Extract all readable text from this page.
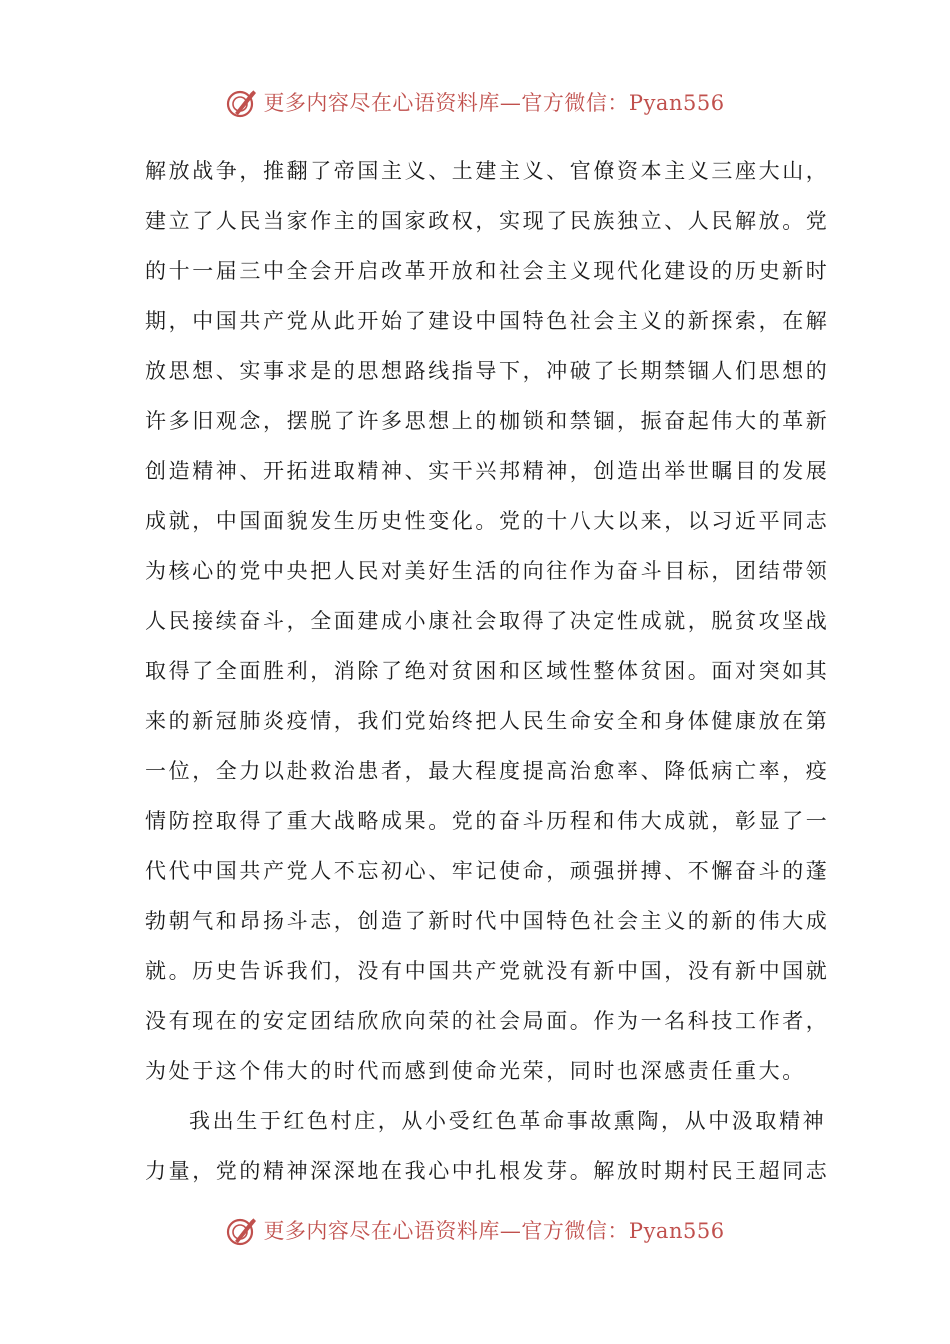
更多内容尽在心语资料库—官方微信：Pyan556
解放战争，推翻了帝国主义、土建主义、官僚资本主义三座大山，
建立了人民当家作主的国家政权，实现了民族独立、人民解放。党
的十一届三中全会开启改革开放和社会主义现代化建设的历史新时
期，中国共产党从此开始了建设中国特色社会主义的新探索，在解
放思想、实事求是的思想路线指导下，冲破了长期禁锢人们思想的
许多旧观念，摆脱了许多思想上的枷锁和禁锢，振奋起伟大的革新
创造精神、开拓进取精神、实干兴邦精神，创造出举世瞩目的发展
成就，中国面貌发生历史性变化。党的十八大以来，以习近平同志
为核心的党中央把人民对美好生活的向往作为奋斗目标，团结带领
人民接续奋斗，全面建成小康社会取得了决定性成就，脱贫攻坚战
取得了全面胜利，消除了绝对贫困和区域性整体贫困。面对突如其
来的新冠肺炎疫情，我们党始终把人民生命安全和身体健康放在第
一位，全力以赴救治患者，最大程度提高治愈率、降低病亡率，疫
情防控取得了重大战略成果。党的奋斗历程和伟大成就，彰显了一
代代中国共产党人不忘初心、牢记使命，顽强拼搏、不懈奋斗的蓬
勃朝气和昂扬斗志，创造了新时代中国特色社会主义的新的伟大成
就。历史告诉我们，没有中国共产党就没有新中国，没有新中国就
没有现在的安定团结欣欣向荣的社会局面。作为一名科技工作者，
为处于这个伟大的时代而感到使命光荣，同时也深感责任重大。
我出生于红色村庄，从小受红色革命事故熏陶，从中汲取精神
力量，党的精神深深地在我心中扎根发芽。解放时期村民王超同志
更多内容尽在心语资料库—官方微信：Pyan556
